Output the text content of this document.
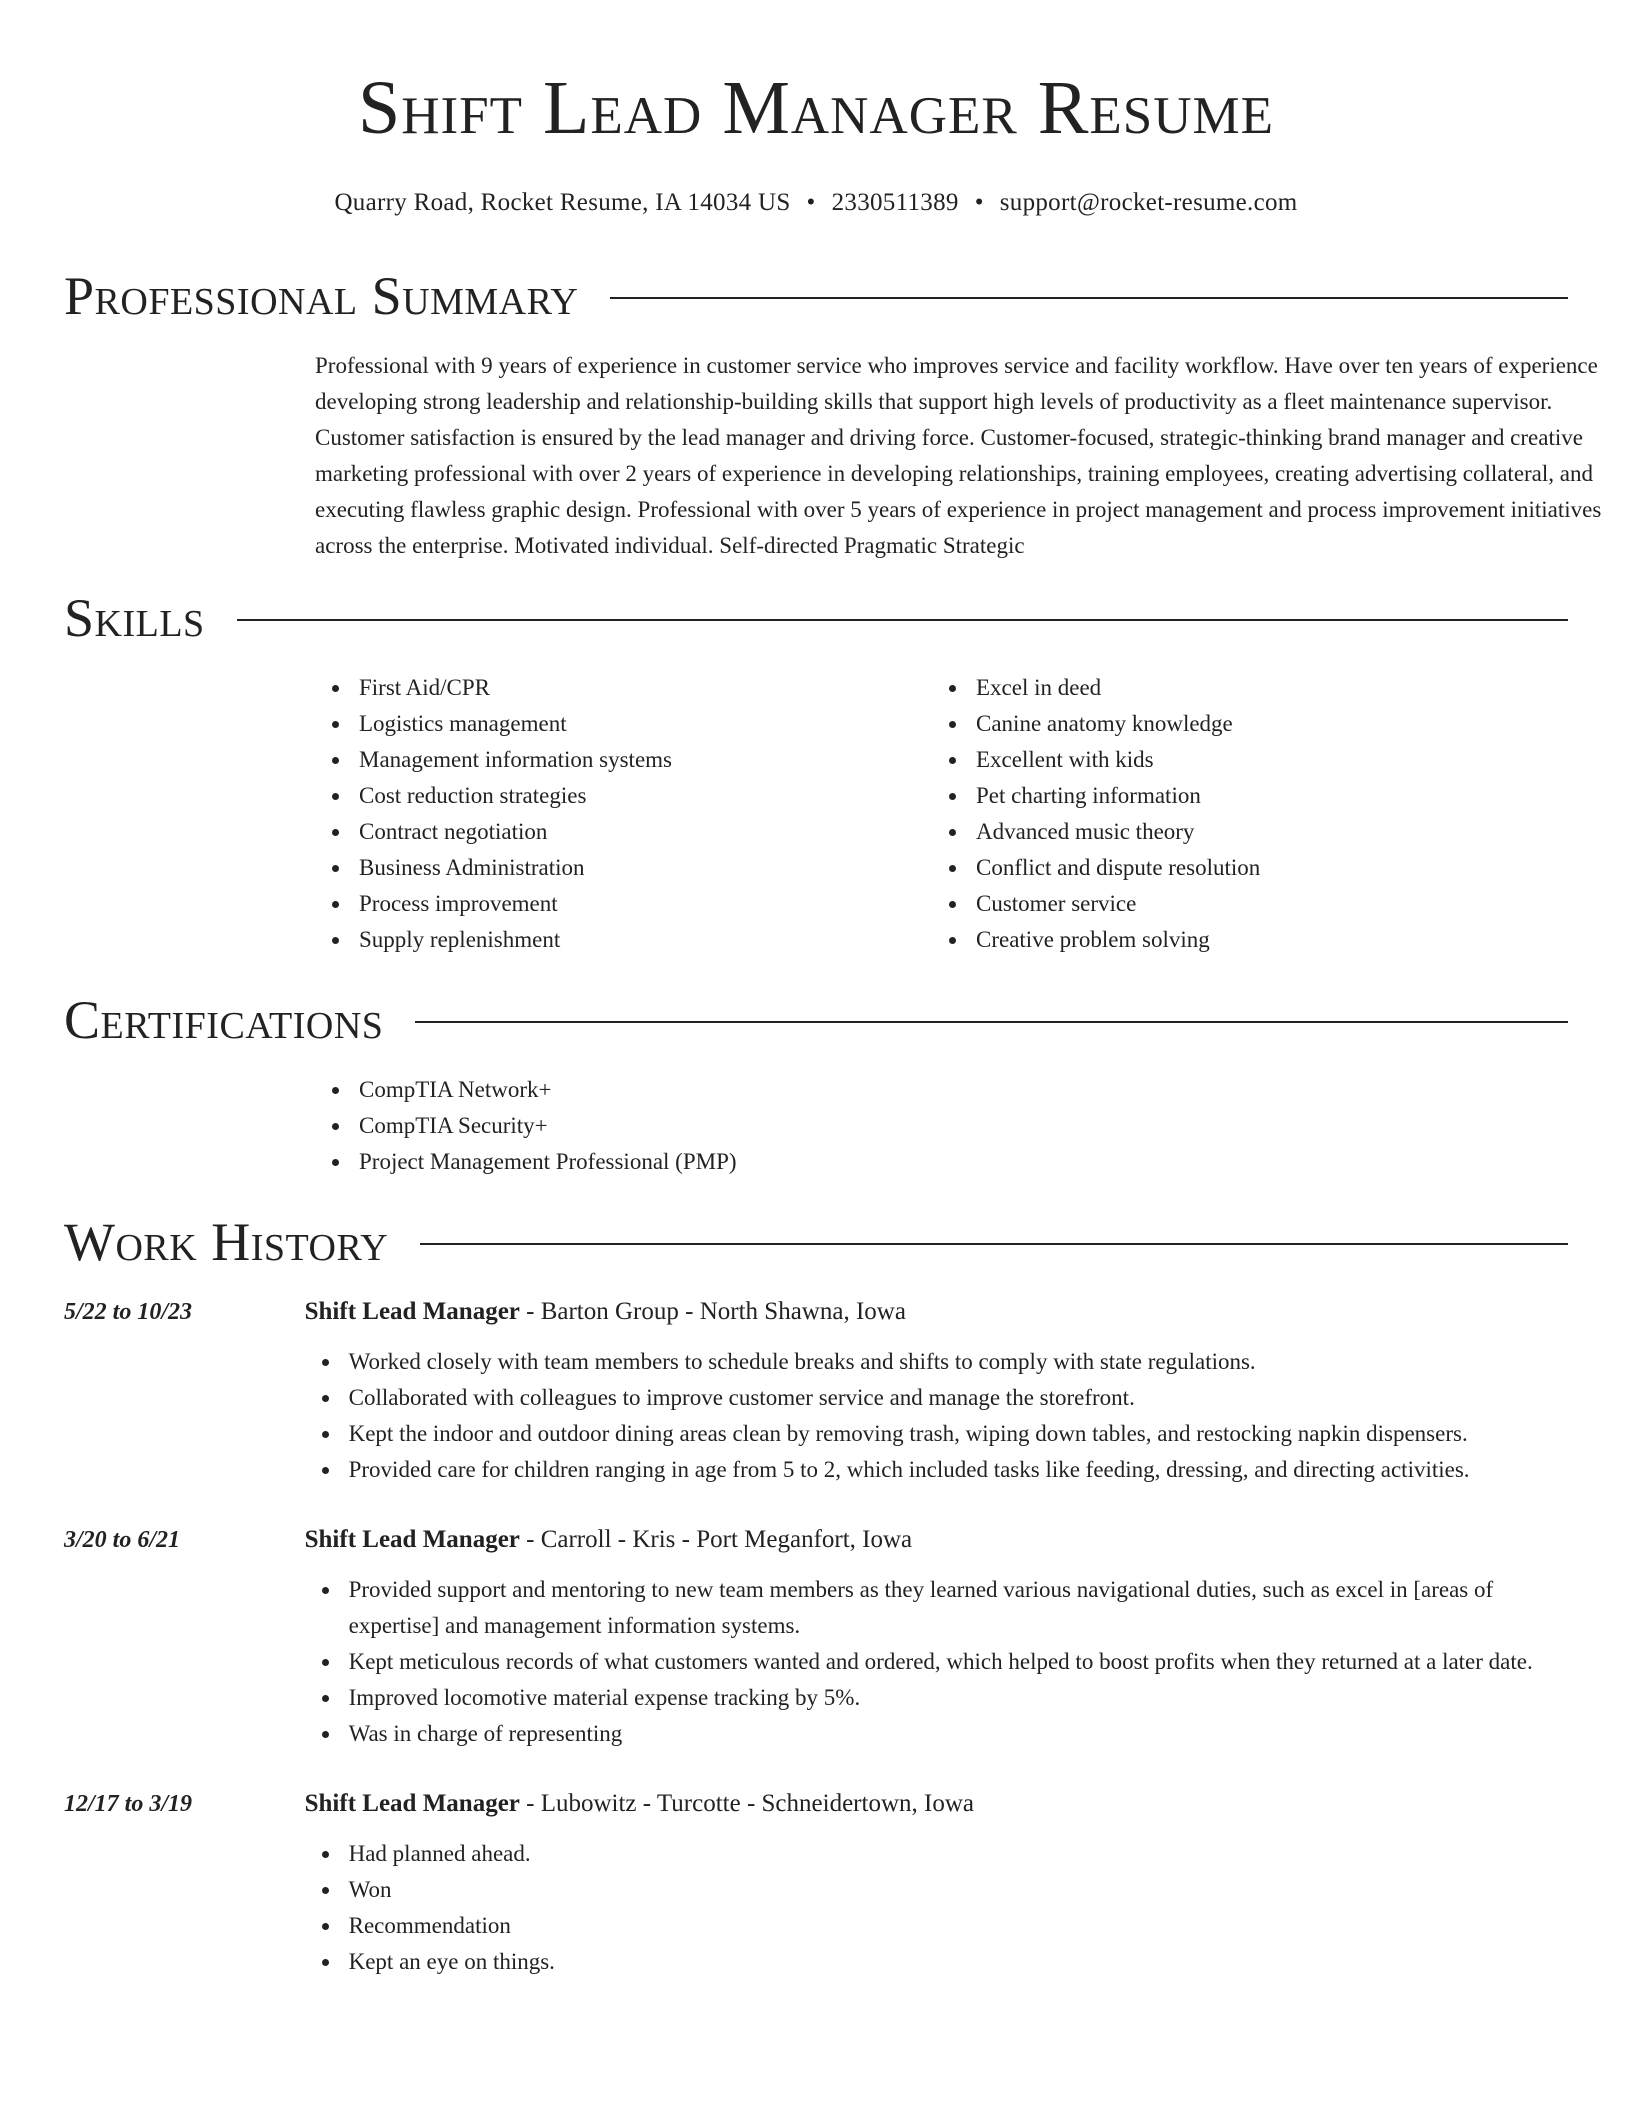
Shift Lead Manager Resume
Quarry Road, Rocket Resume, IA 14034 US • 2330511389 • support@rocket-resume.com
Professional Summary

Professional with 9 years of experience in customer service who improves service and facility workflow. Have over ten years of experience developing strong leadership and relationship-building skills that support high levels of productivity as a fleet maintenance supervisor. Customer satisfaction is ensured by the lead manager and driving force. Customer-focused, strategic-thinking brand manager and creative marketing professional with over 2 years of experience in developing relationships, training employees, creating advertising collateral, and executing flawless graphic design. Professional with over 5 years of experience in project management and process improvement initiatives across the enterprise. Motivated individual. Self-directed Pragmatic Strategic

Skills
First Aid/CPR
Logistics management
Management information systems
Cost reduction strategies
Contract negotiation
Business Administration
Process improvement
Supply replenishment
Excel in deed
Canine anatomy knowledge
Excellent with kids
Pet charting information
Advanced music theory
Conflict and dispute resolution
Customer service
Creative problem solving
Certifications
CompTIA Network+
CompTIA Security+
Project Management Professional (PMP)
Work History
5/22 to 10/23	Shift Lead Manager - Barton Group - North Shawna, Iowa
Worked closely with team members to schedule breaks and shifts to comply with state regulations.
Collaborated with colleagues to improve customer service and manage the storefront.
Kept the indoor and outdoor dining areas clean by removing trash, wiping down tables, and restocking napkin dispensers.
Provided care for children ranging in age from 5 to 2, which included tasks like feeding, dressing, and directing activities.
3/20 to 6/21	Shift Lead Manager - Carroll - Kris - Port Meganfort, Iowa
Provided support and mentoring to new team members as they learned various navigational duties, such as excel in [areas of expertise] and management information systems.
Kept meticulous records of what customers wanted and ordered, which helped to boost profits when they returned at a later date.
Improved locomotive material expense tracking by 5%.
Was in charge of representing
12/17 to 3/19	Shift Lead Manager - Lubowitz - Turcotte - Schneidertown, Iowa
Had planned ahead.
Won
Recommendation
Kept an eye on things.
